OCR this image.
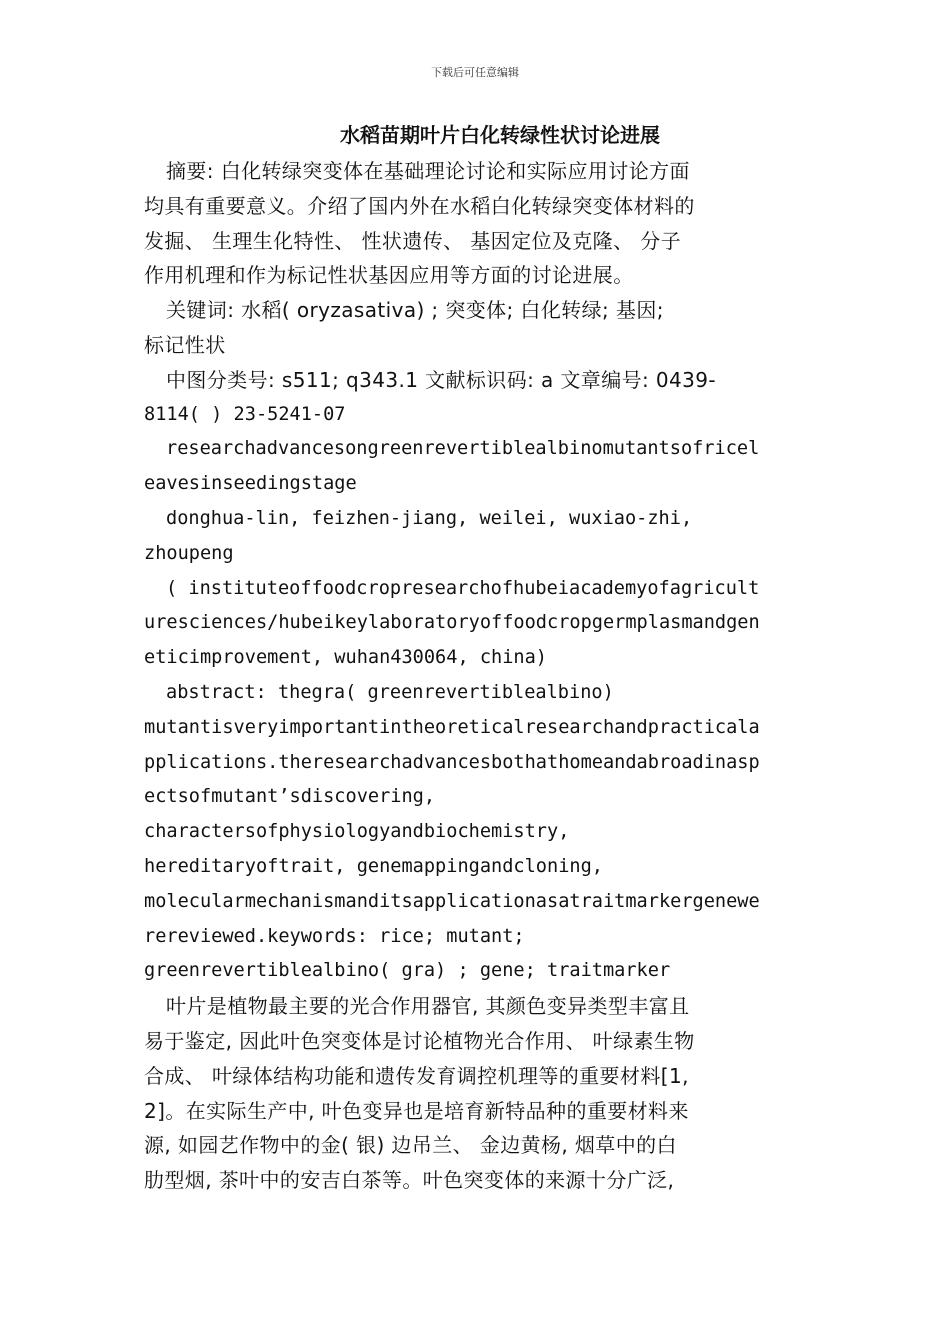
下载后可任意编辑
水稻苗期叶片白化转绿性状讨论进展
摘要: 白化转绿突变体在基础理论讨论和实际应用讨论方面
均具有重要意义。介绍了国内外在水稻白化转绿突变体材料的
发掘、 生理生化特性、 性状遗传、 基因定位及克隆、 分子
作用机理和作为标记性状基因应用等方面的讨论进展。
关键词: 水稻( oryzasativa) ; 突变体; 白化转绿; 基因;
标记性状
中图分类号: s511; q343.1 文献标识码: a 文章编号: 0439-
8114( ) 23-5241-07
researchadvancesongreenrevertiblealbinomutantsofricel
eavesinseedingstage
donghua-lin, feizhen-jiang, weilei, wuxiao-zhi,
zhoupeng
( instituteoffoodcropresearchofhubeiacademyofagricult
uresciences/hubeikeylaboratoryoffoodcropgermplasmandgen
eticimprovement, wuhan430064, china)
abstract: thegra( greenrevertiblealbino)
mutantisveryimportantintheoreticalresearchandpracticala
pplications.theresearchadvancesbothathomeandabroadinasp
ectsofmutant’sdiscovering,
charactersofphysiologyandbiochemistry,
hereditaryoftrait, genemappingandcloning,
molecularmechanismanditsapplicationasatraitmarkergenewe
rereviewed.keywords: rice; mutant;
greenrevertiblealbino( gra) ; gene; traitmarker
叶片是植物最主要的光合作用器官, 其颜色变异类型丰富且
易于鉴定, 因此叶色突变体是讨论植物光合作用、 叶绿素生物
合成、 叶绿体结构功能和遗传发育调控机理等的重要材料[1,
2]。在实际生产中, 叶色变异也是培育新特品种的重要材料来
源, 如园艺作物中的金( 银) 边吊兰、 金边黄杨, 烟草中的白
肋型烟, 茶叶中的安吉白茶等。叶色突变体的来源十分广泛,
